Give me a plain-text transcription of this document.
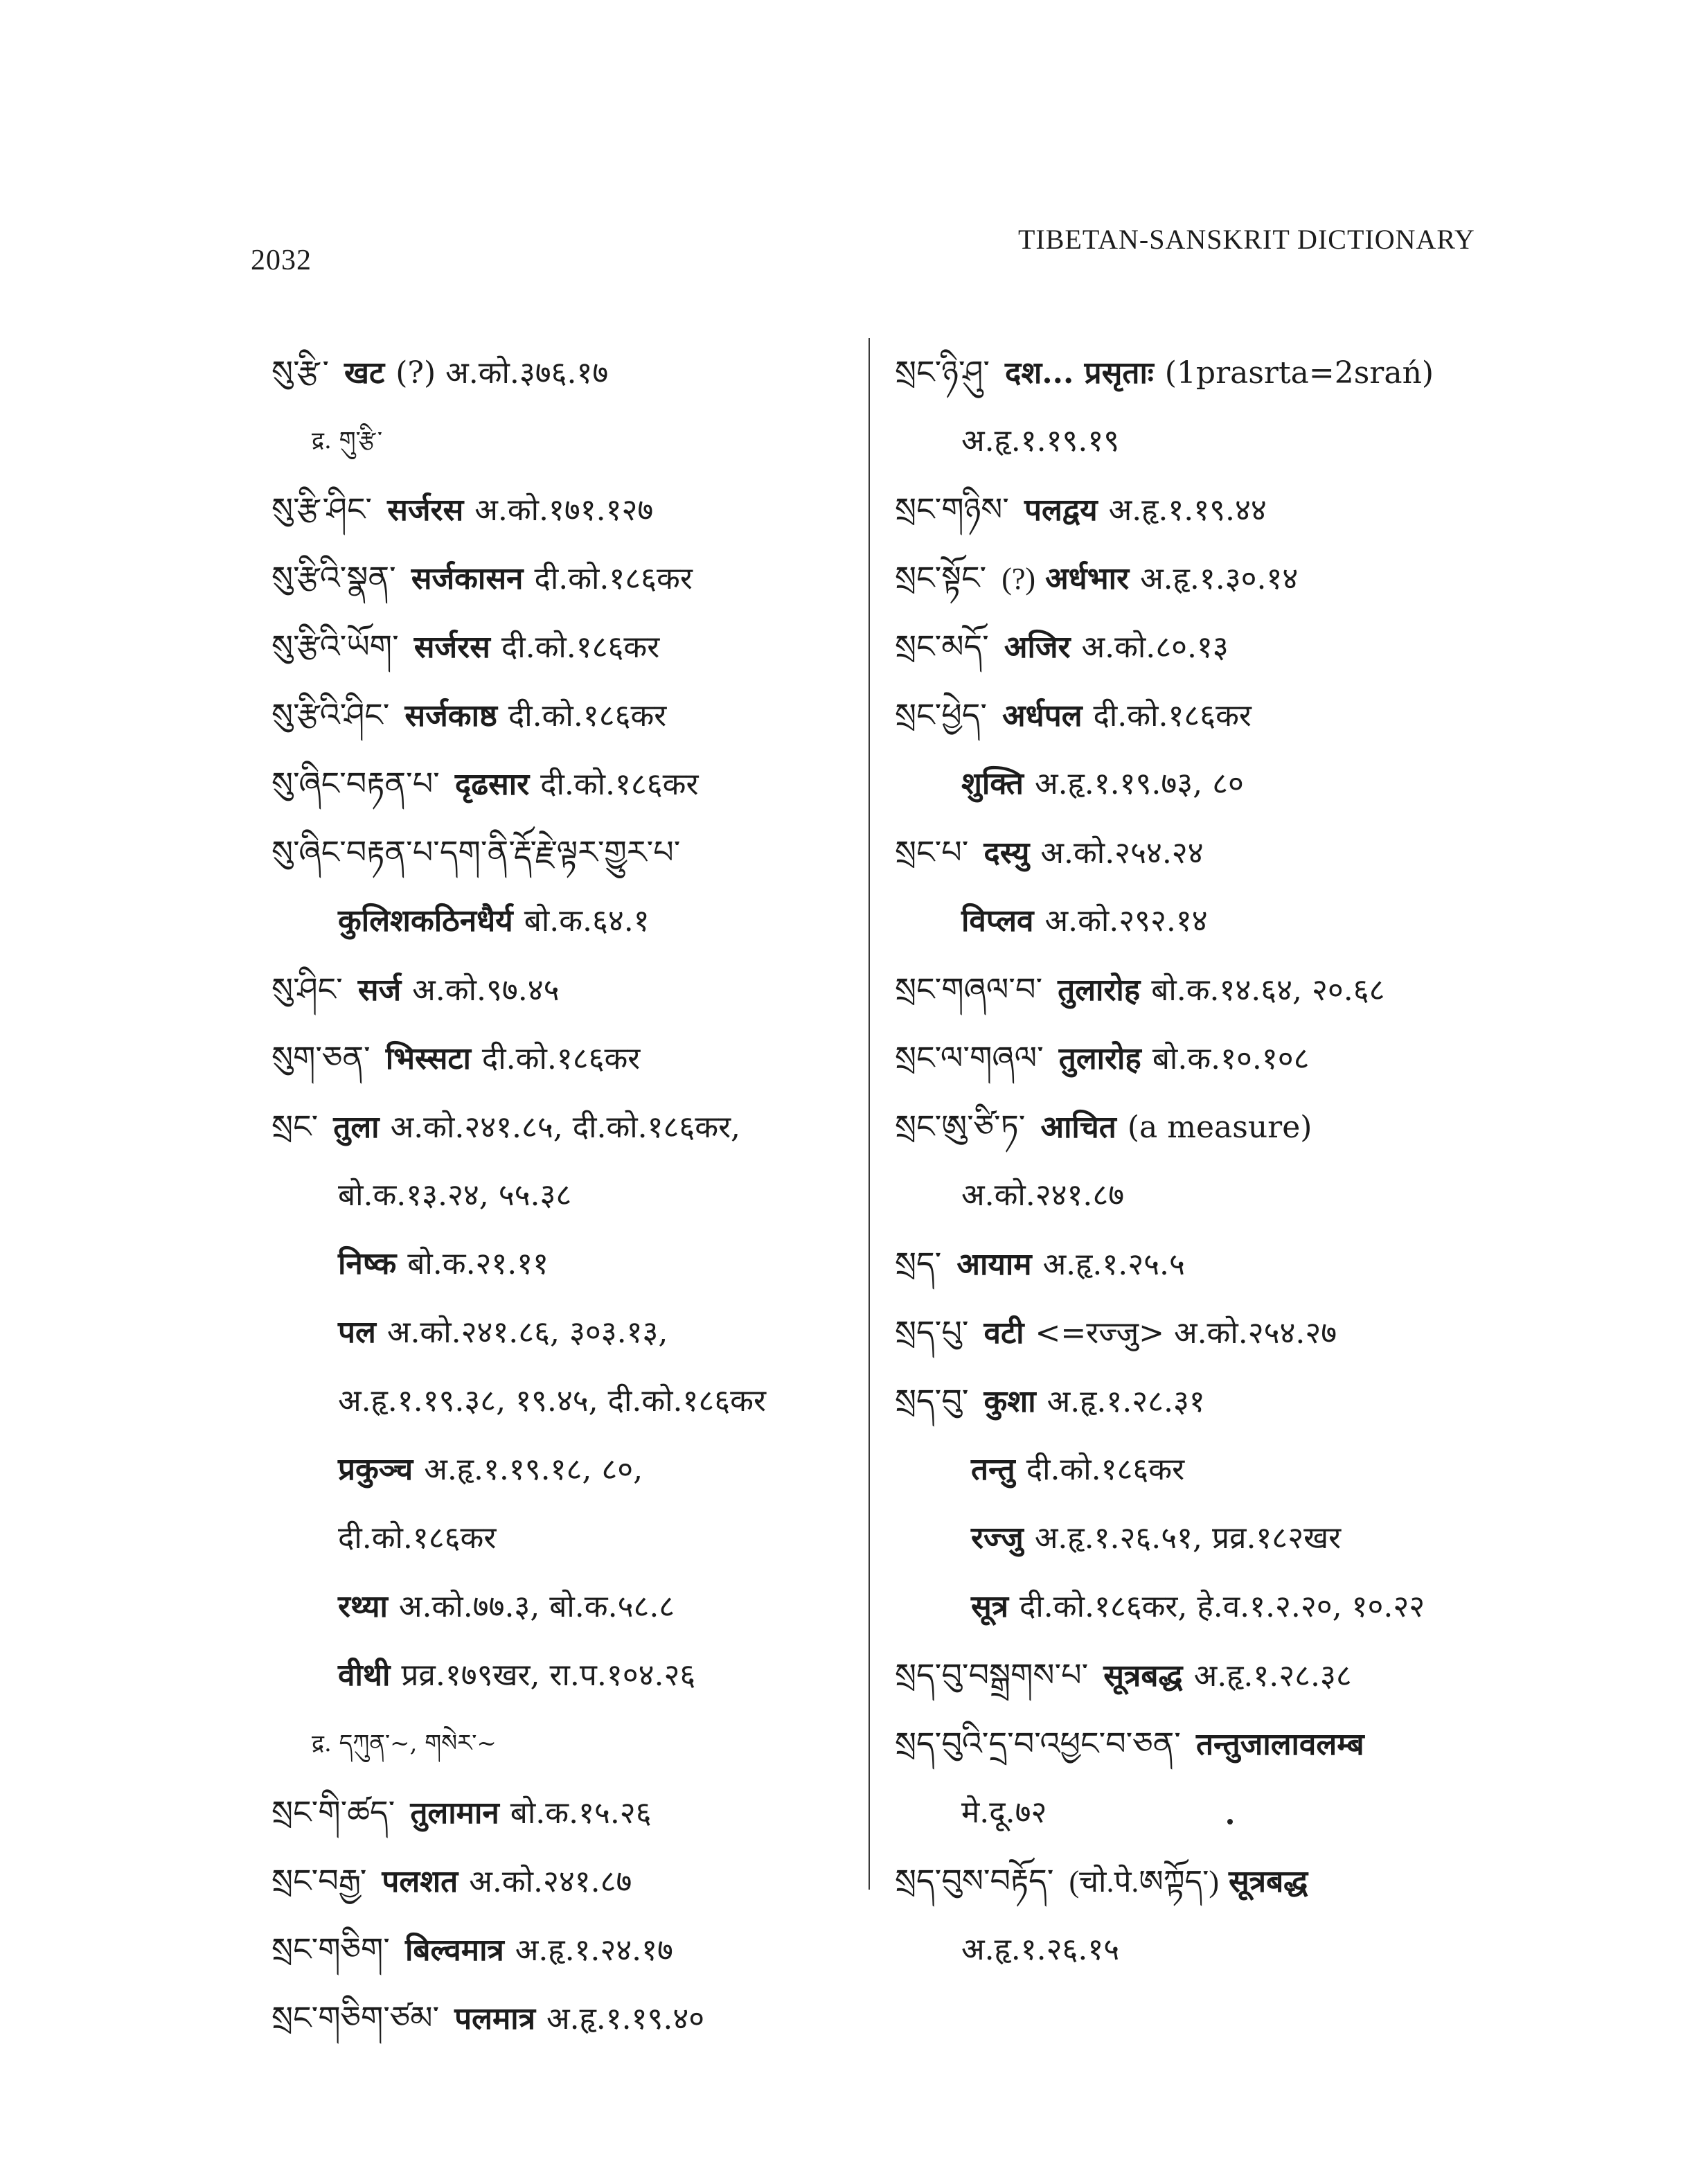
2032
TIBETAN-SANSKRIT DICTIONARY
སུ་རྩི་ खट (?) अ.को.३७६.१७
द्र. གུ་རྩི་
སུ་རྩི་ཤིང་ सर्जरस अ.को.१७१.१२७
སུ་རྩིའི་སྣན་ सर्जकासन दी.को.१८६कर
སུ་རྩིའི་ཡོག་ सर्जरस दी.को.१८६कर
སུ་རྩིའི་ཤིང་ सर्जकाष्ठ दी.को.१८६कर
སུ་ཞིང་བརྟན་པ་ दृढसार दी.को.१८६कर
སུ་ཞིང་བརྟན་པ་དག་ནི་རྡོ་རྗེ་ལྟར་གྱུར་པ་
कुलिशकठिनधैर्य बो.क.६४.१
སུ་ཤིང་ सर्ज अ.को.९७.४५
སུག་ཅན་ भिस्सटा दी.को.१८६कर
སྲང་ तुला अ.को.२४१.८५, दी.को.१८६कर,
बो.क.१३.२४, ५५.३८
निष्क बो.क.२१.११
पल अ.को.२४१.८६, ३०३.१३,
अ.हृ.१.१९.३८, १९.४५, दी.को.१८६कर
प्रकुञ्च अ.हृ.१.१९.१८, ८०,
दी.को.१८६कर
रथ्या अ.को.७७.३, बो.क.५८.८
वीथी प्रव्र.१७९खर, रा.प.१०४.२६
द्र. དཀུན་~, གསེར་~
སྲང་གི་ཚད་ तुलामान बो.क.१५.२६
སྲང་བརྒྱ་ पलशत अ.को.२४१.८७
སྲང་གཅིག་ बिल्वमात्र अ.हृ.१.२४.१७
སྲང་གཅིག་ཙམ་ पलमात्र अ.हृ.१.१९.४०
སྲང་ཉི་ཤུ་ दश... प्रसृताः (1prasrta=2srań)
अ.हृ.१.१९.१९
སྲང་གཉིས་ पलद्वय अ.हृ.१.१९.४४
སྲང་སྟོང་ (?) अर्धभार अ.हृ.१.३०.१४
སྲང་མདོ་ अजिर अ.को.८०.१३
སྲང་ཕྱེད་ अर्धपल दी.को.१८६कर
शुक्ति अ.हृ.१.१९.७३, ८०
སྲང་པ་ दस्यु अ.को.२५४.२४
विप्लव अ.को.२९२.१४
སྲང་གཞལ་བ་ तुलारोह बो.क.१४.६४, २०.६८
སྲང་ལ་གཞལ་ तुलारोह बो.क.१०.१०८
སྲང་ཨུ་ཙི་ཏ་ आचित (a measure)
अ.को.२४१.८७
སྲད་ आयाम अ.हृ.१.२५.५
སྲད་པུ་ वटी <=रज्जु> अ.को.२५४.२७
སྲད་བུ་ कुशा अ.हृ.१.२८.३१
तन्तु दी.को.१८६कर
रज्जु अ.हृ.१.२६.५१, प्रव्र.१८२खर
सूत्र दी.को.१८६कर, हे.व.१.२.२०, १०.२२
སྲད་བུ་བསྒྲགས་པ་ सूत्रबद्ध अ.हृ.१.२८.३८
སྲད་བུའི་དྲ་བ་འཕྱང་བ་ཅན་ तन्तुजालावलम्ब
मे.दू.७२
སྲད་བུས་བརྟོད་ (चो.पे.ཨཀྟོད་) सूत्रबद्ध
अ.हृ.१.२६.१५
